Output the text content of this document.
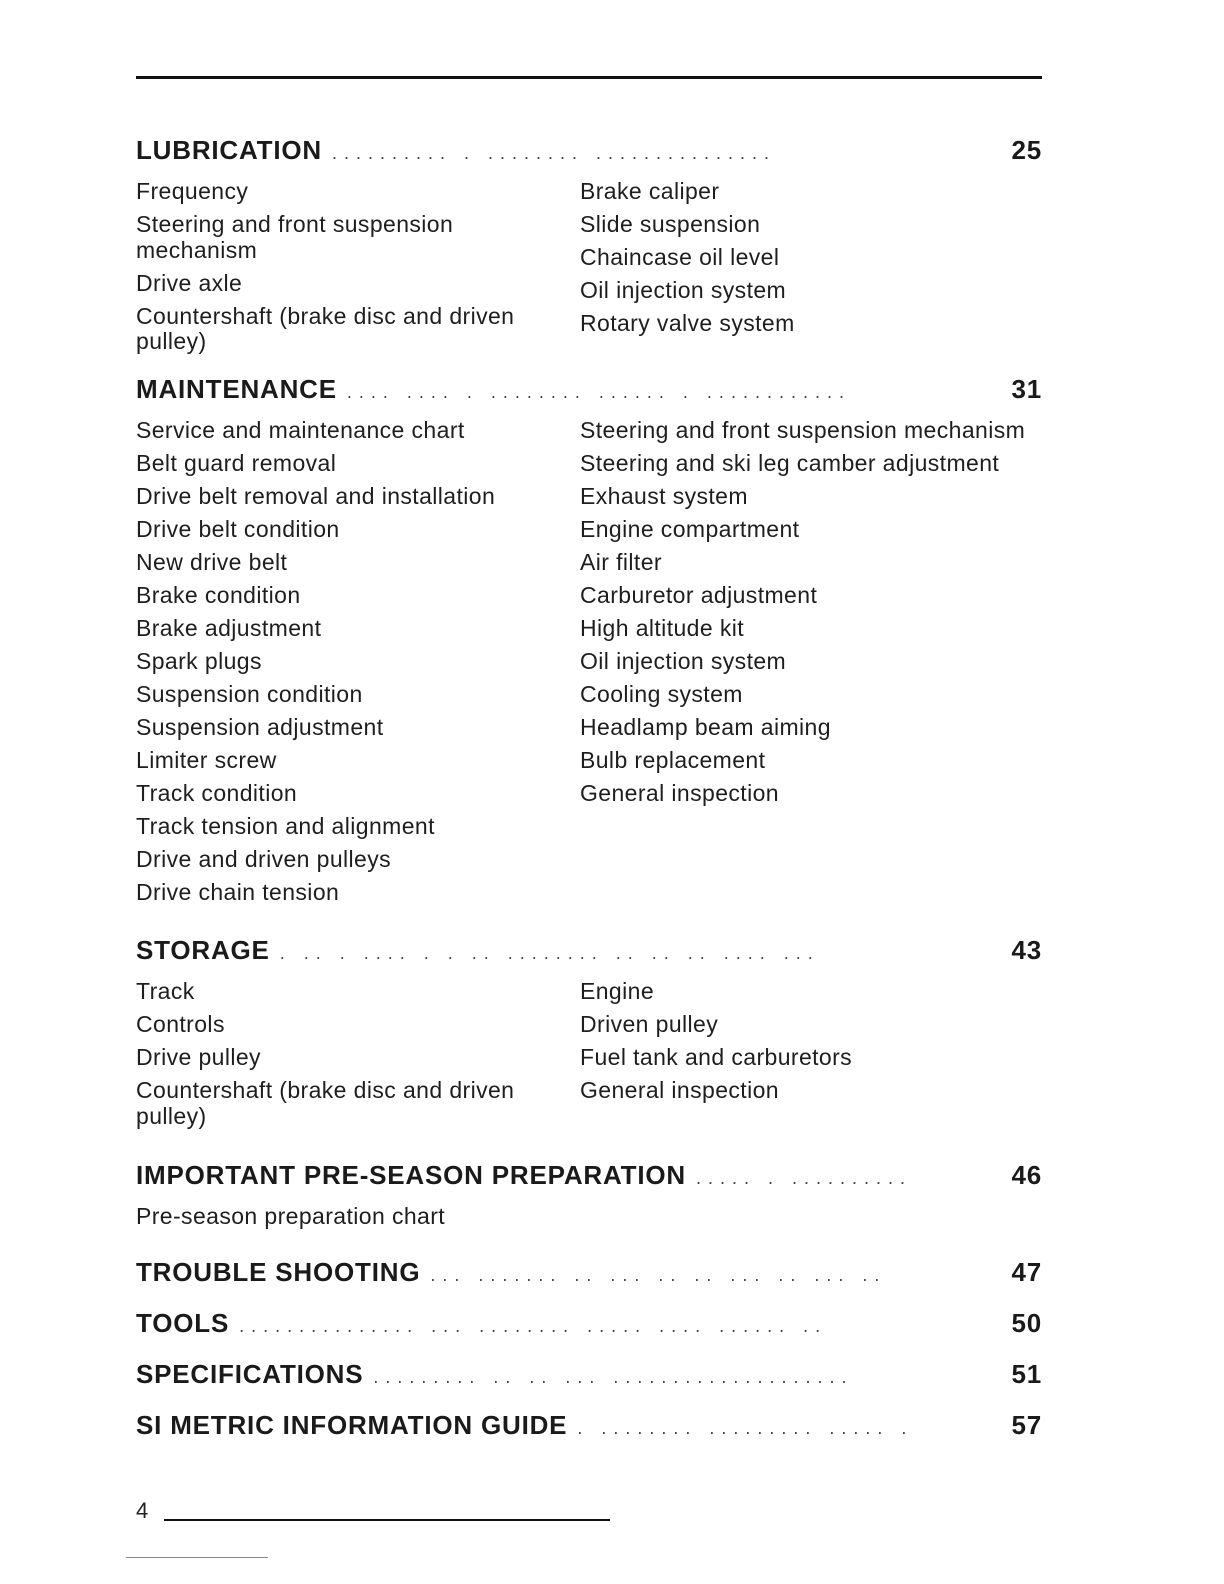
LUBRICATION .......... . ........ ...............	25
Frequency
Steering and front suspension mechanism
Drive axle
Countershaft (brake disc and driven pulley)
Brake caliper
Slide suspension
Chaincase oil level
Oil injection system
Rotary valve system
MAINTENANCE .... .... . ........ ...... . ............	31
Service and maintenance chart
Belt guard removal
Drive belt removal and installation
Drive belt condition
New drive belt
Brake condition
Brake adjustment
Spark plugs
Suspension condition
Suspension adjustment
Limiter screw
Track condition
Track tension and alignment
Drive and driven pulleys
Drive chain tension
Steering and front suspension mechanism
Steering and ski leg camber adjustment
Exhaust system
Engine compartment
Air filter
Carburetor adjustment
High altitude kit
Oil injection system
Cooling system
Headlamp beam aiming
Bulb replacement
General inspection
STORAGE . .. . .... . . .. ........ .. .. .. .... ...	43
Track
Controls
Drive pulley
Countershaft (brake disc and driven pulley)
Engine
Driven pulley
Fuel tank and carburetors
General inspection
IMPORTANT PRE-SEASON PREPARATION ..... . ..........	46
Pre-season preparation chart
TROUBLE SHOOTING ... ....... .. ... .. .. ... .. ... ..	47
TOOLS ............... ... ........ ..... .... ...... ..	50
SPECIFICATIONS ......... .. .. ... ....................	51
SI METRIC INFORMATION GUIDE . ........ ......... ..... .	57
4
